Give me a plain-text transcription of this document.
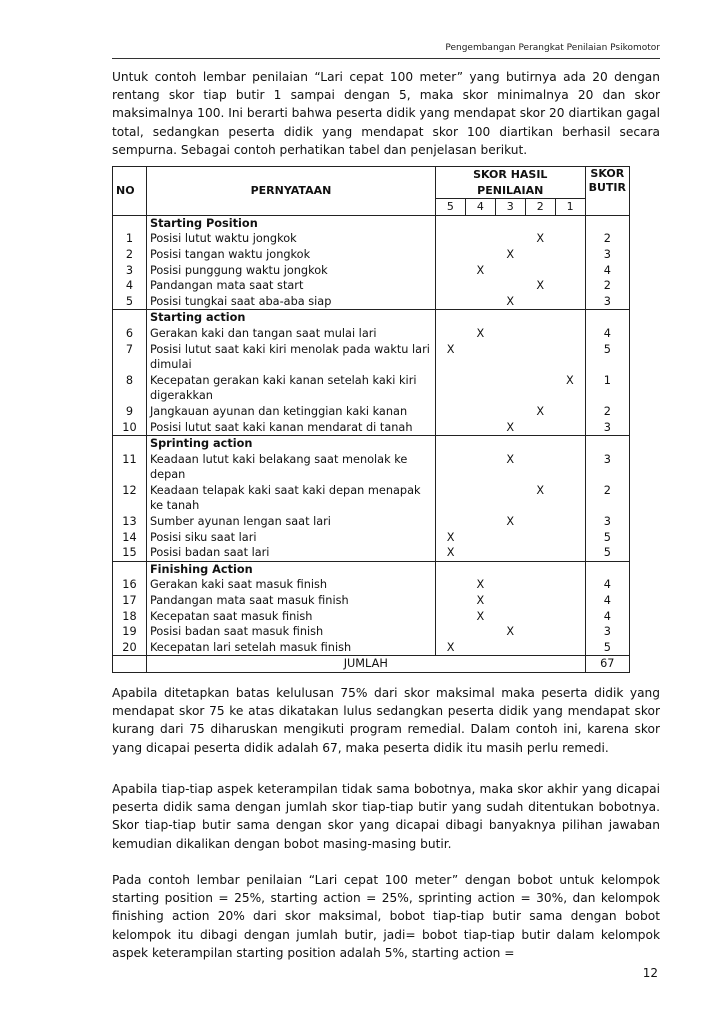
Pengembangan Perangkat Penilaian Psikomotor

Untuk contoh lembar penilaian “Lari cepat 100 meter” yang butirnya ada 20 dengan rentang skor tiap butir 1 sampai dengan 5, maka skor minimalnya 20 dan skor maksimalnya 100. Ini berarti bahwa peserta didik yang mendapat skor 20 diartikan gagal total, sedangkan peserta didik yang mendapat skor 100 diartikan berhasil secara sempurna. Sebagai contoh perhatikan tabel dan penjelasan berikut.

NO	PERNYATAAN	SKOR HASIL PENILAIAN					SKOR BUTIR
		5	4	3	2	1	
	Starting Position						
1	Posisi lutut waktu jongkok				X		2
2	Posisi tangan waktu jongkok			X			3
3	Posisi punggung waktu jongkok		X				4
4	Pandangan mata saat start				X		2
5	Posisi tungkai saat aba-aba siap			X			3
	Starting action						
6	Gerakan kaki dan tangan saat mulai lari		X				4
7	Posisi lutut saat kaki kiri menolak pada waktu lari dimulai	X					5
8	Kecepatan gerakan kaki kanan setelah kaki kiri digerakkan					X	1
9	Jangkauan ayunan dan ketinggian kaki kanan				X		2
10	Posisi lutut saat kaki kanan mendarat di tanah			X			3
	Sprinting action						
11	Keadaan lutut kaki belakang saat menolak ke depan			X			3
12	Keadaan telapak kaki saat kaki depan menapak ke tanah				X		2
13	Sumber ayunan lengan saat lari			X			3
14	Posisi siku saat lari	X					5
15	Posisi badan saat lari	X					5
	Finishing Action						
16	Gerakan kaki saat masuk finish		X				4
17	Pandangan mata saat masuk finish		X				4
18	Kecepatan saat masuk finish		X				4
19	Posisi badan saat masuk finish			X			3
20	Kecepatan lari setelah masuk finish	X					5
	JUMLAH						67

Apabila ditetapkan batas kelulusan 75% dari skor maksimal maka peserta didik yang mendapat skor 75 ke atas dikatakan lulus sedangkan peserta didik yang mendapat skor kurang dari 75 diharuskan mengikuti program remedial. Dalam contoh ini, karena skor yang dicapai peserta didik adalah 67, maka peserta didik itu masih perlu remedi.

Apabila tiap-tiap aspek keterampilan tidak sama bobotnya, maka skor akhir yang dicapai peserta didik sama dengan jumlah skor tiap-tiap butir yang sudah ditentukan bobotnya. Skor tiap-tiap butir sama dengan skor yang dicapai dibagi banyaknya pilihan jawaban kemudian dikalikan dengan bobot masing-masing butir.

Pada contoh lembar penilaian “Lari cepat 100 meter” dengan bobot untuk kelompok starting position = 25%, starting action = 25%, sprinting action = 30%, dan kelompok finishing action 20% dari skor maksimal, bobot tiap-tiap butir sama dengan bobot kelompok itu dibagi dengan jumlah butir, jadi= bobot tiap-tiap butir dalam kelompok aspek keterampilan starting position adalah 5%, starting action =

12
